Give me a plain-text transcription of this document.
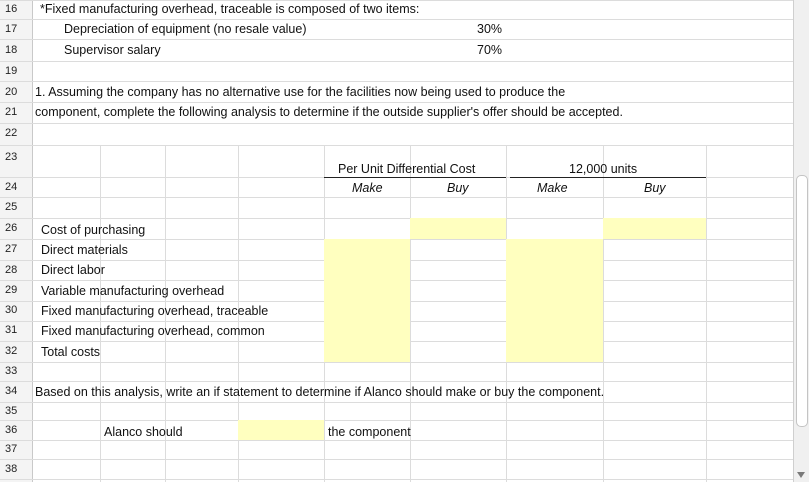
16
17
18
19
20
21
22
23
24
25
26
27
28
29
30
31
32
33
34
35
36
37
38
*Fixed manufacturing overhead, traceable is composed of two items:
Depreciation of equipment (no resale value)	30%
Supervisor salary	70%
1. Assuming the company has no alternative use for the facilities now being used to produce the
component, complete the following analysis to determine if the outside supplier's offer should be accepted.
Per Unit Differential Cost	12,000 units
Make	Buy	Make	Buy
Cost of purchasing
Direct materials
Direct labor
Variable manufacturing overhead
Fixed manufacturing overhead, traceable
Fixed manufacturing overhead, common
Total costs
Based on this analysis, write an if statement to determine if Alanco should make or buy the component.
Alanco should	the component
